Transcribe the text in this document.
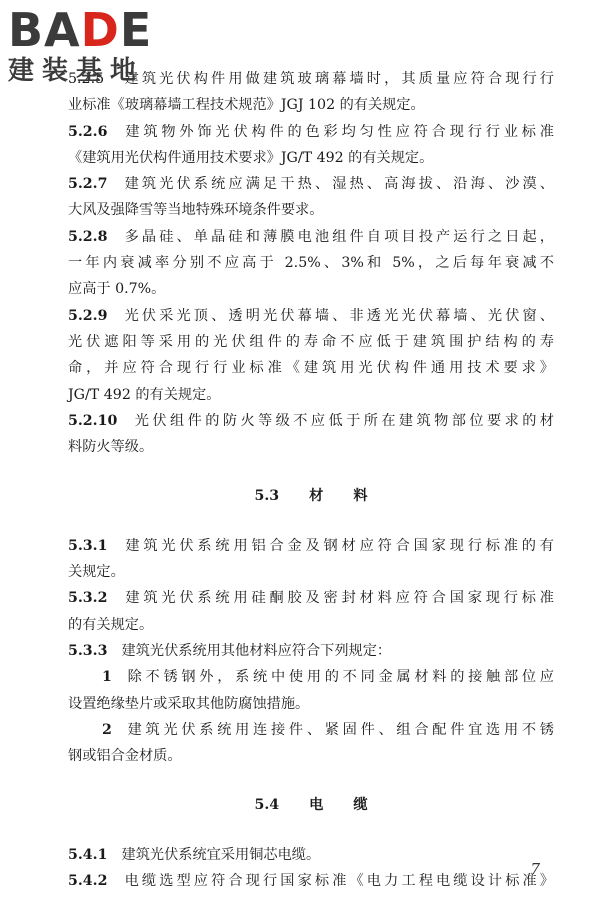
BADE
建装基地
5.2.5　建筑光伏构件用做建筑玻璃幕墙时，其质量应符合现行行
业标准《玻璃幕墙工程技术规范》JGJ 102 的有关规定。
5.2.6 建筑物外饰光伏构件的色彩均匀性应符合现行行业标准
《建筑用光伏构件通用技术要求》JG/T 492 的有关规定。
5.2.7 建筑光伏系统应满足干热、湿热、高海拔、沿海、沙漠、
大风及强降雪等当地特殊环境条件要求。
5.2.8 多晶硅、单晶硅和薄膜电池组件自项目投产运行之日起，
一年内衰减率分别不应高于 2.5%、3%和 5%，之后每年衰减不
应高于 0.7%。
5.2.9 光伏采光顶、透明光伏幕墙、非透光光伏幕墙、光伏窗、
光伏遮阳等采用的光伏组件的寿命不应低于建筑围护结构的寿
命，并应符合现行行业标准《建筑用光伏构件通用技术要求》
JG/T 492 的有关规定。
5.2.10 光伏组件的防火等级不应低于所在建筑物部位要求的材
料防火等级。
5.3 材 料
5.3.1 建筑光伏系统用铝合金及钢材应符合国家现行标准的有
关规定。
5.3.2 建筑光伏系统用硅酮胶及密封材料应符合国家现行标准
的有关规定。
5.3.3 建筑光伏系统用其他材料应符合下列规定：
1 除不锈钢外，系统中使用的不同金属材料的接触部位应
设置绝缘垫片或采取其他防腐蚀措施。
2 建筑光伏系统用连接件、紧固件、组合配件宜选用不锈
钢或铝合金材质。
5.4 电 缆
5.4.1 建筑光伏系统宜采用铜芯电缆。
5.4.2 电缆选型应符合现行国家标准《电力工程电缆设计标准》
7
